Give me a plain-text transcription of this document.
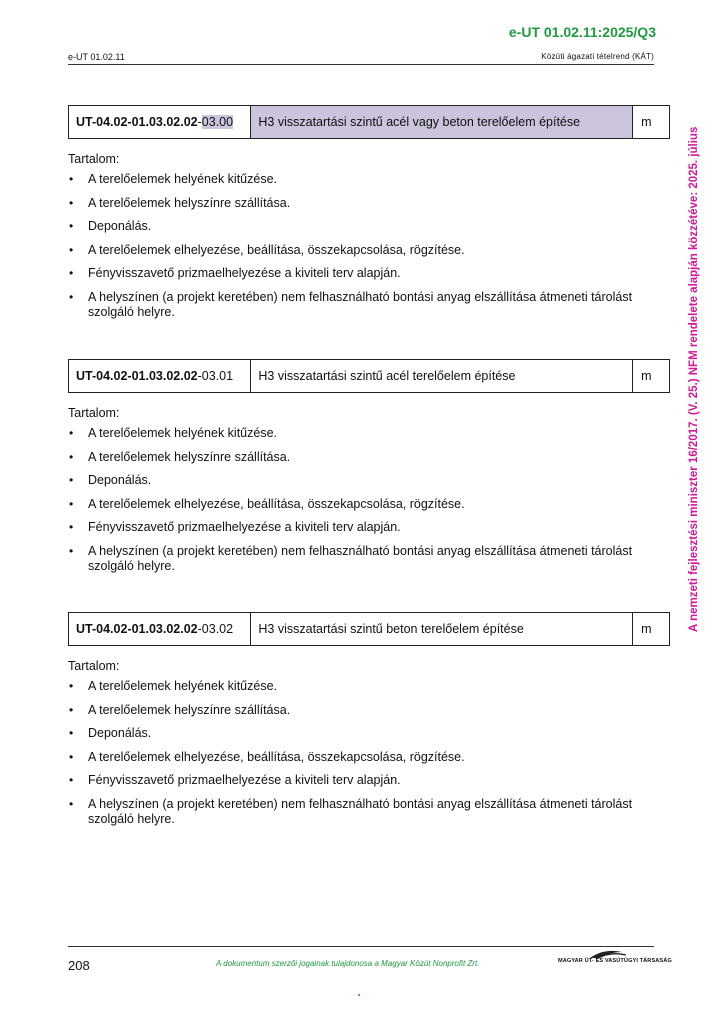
e-UT 01.02.11:2025/Q3
e-UT 01.02.11	Közúti ágazati tételrend (KÁT)
A nemzeti fejlesztési miniszter 16/2017. (V. 25.) NFM rendelete alapján közzétéve: 2025. július
UT-04.02-01.03.02.02 - 03.00	H3 visszatartási szintű acél vagy beton terelőelem építése	m
Tartalom:
• A terelőelemek helyének kitűzése.
• A terelőelemek helyszínre szállítása.
• Deponálás.
• A terelőelemek elhelyezése, beállítása, összekapcsolása, rögzítése.
• Fényvisszavető prizmaelhelyezése a kiviteli terv alapján.
• A helyszínen (a projekt keretében) nem felhasználható bontási anyag elszállítása átmeneti tárolást szolgáló helyre.
UT-04.02-01.03.02.02 - 03.01	H3 visszatartási szintű acél terelőelem építése	m
Tartalom:
• A terelőelemek helyének kitűzése.
• A terelőelemek helyszínre szállítása.
• Deponálás.
• A terelőelemek elhelyezése, beállítása, összekapcsolása, rögzítése.
• Fényvisszavető prizmaelhelyezése a kiviteli terv alapján.
• A helyszínen (a projekt keretében) nem felhasználható bontási anyag elszállítása átmeneti tárolást szolgáló helyre.
UT-04.02-01.03.02.02 - 03.02	H3 visszatartási szintű beton terelőelem építése	m
Tartalom:
• A terelőelemek helyének kitűzése.
• A terelőelemek helyszínre szállítása.
• Deponálás.
• A terelőelemek elhelyezése, beállítása, összekapcsolása, rögzítése.
• Fényvisszavető prizmaelhelyezése a kiviteli terv alapján.
• A helyszínen (a projekt keretében) nem felhasználható bontási anyag elszállítása átmeneti tárolást szolgáló helyre.
208	A dokumentum szerzői jogainak tulajdonosa a Magyar Közút Nonprofit Zrt.	MAGYAR ÚT- ÉS VASÚTÜGYI TÁRSASÁG
